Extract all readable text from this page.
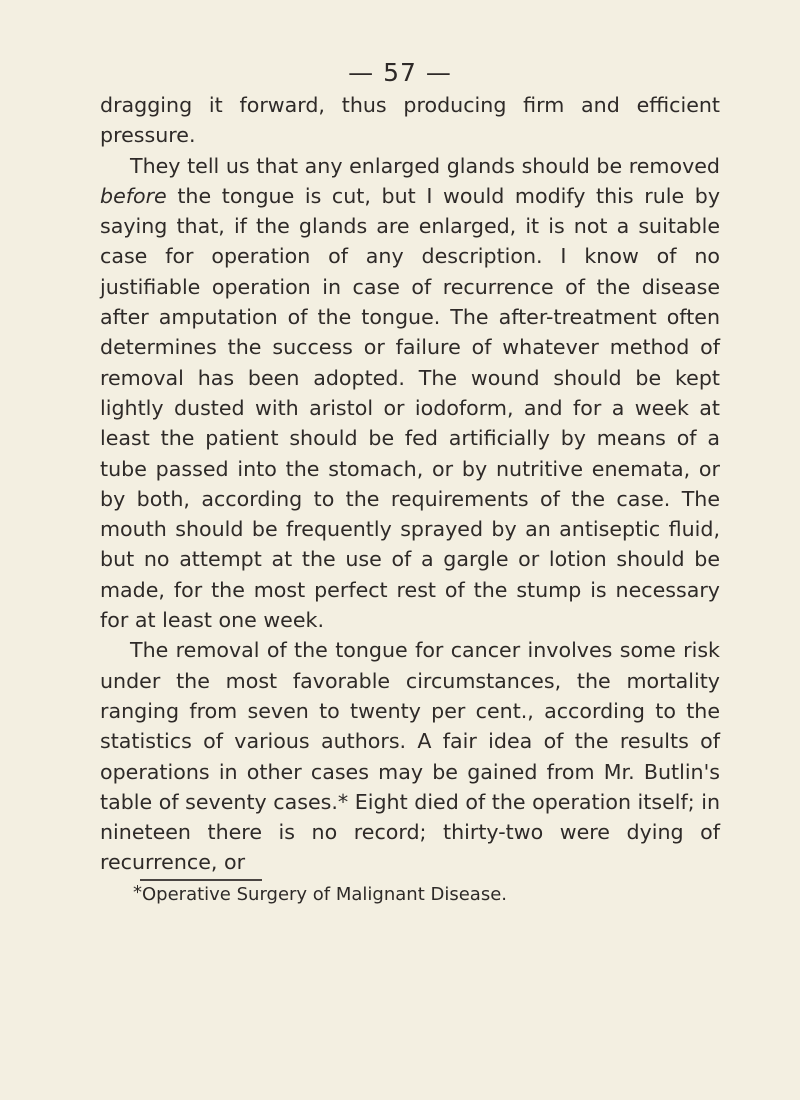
— 57 —

dragging it forward, thus producing firm and efficient pressure.

They tell us that any enlarged glands should be removed before the tongue is cut, but I would modify this rule by saying that, if the glands are enlarged, it is not a suitable case for operation of any description. I know of no justifiable operation in case of recurrence of the disease after amputation of the tongue. The after-treatment often determines the success or failure of whatever method of removal has been adopted. The wound should be kept lightly dusted with aristol or iodoform, and for a week at least the patient should be fed artificially by means of a tube passed into the stomach, or by nutritive enemata, or by both, according to the requirements of the case. The mouth should be frequently sprayed by an antiseptic fluid, but no attempt at the use of a gargle or lotion should be made, for the most perfect rest of the stump is necessary for at least one week.

The removal of the tongue for cancer involves some risk under the most favorable circumstances, the mortality ranging from seven to twenty per cent., according to the statistics of various authors. A fair idea of the results of operations in other cases may be gained from Mr. Butlin's table of seventy cases.* Eight died of the operation itself; in nineteen there is no record; thirty-two were dying of recurrence, or

*Operative Surgery of Malignant Disease.
